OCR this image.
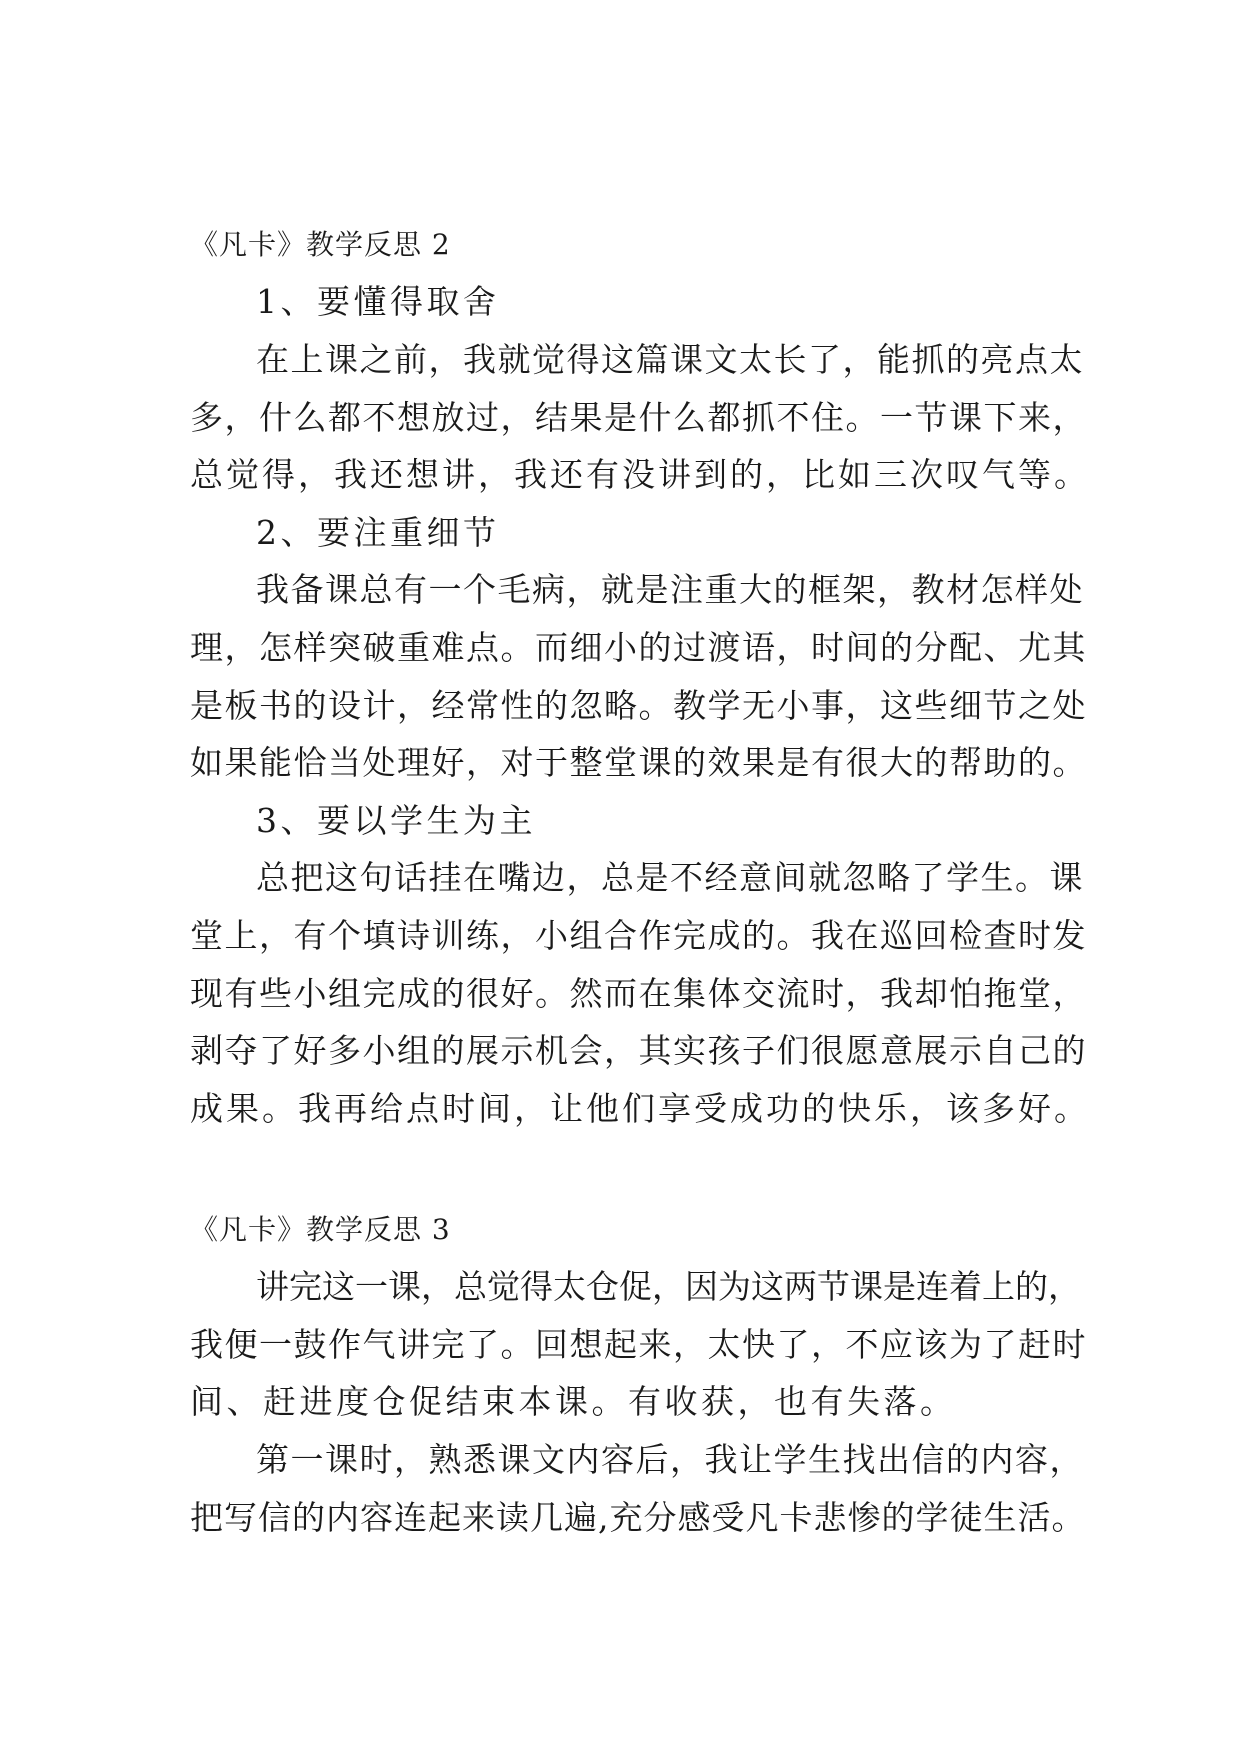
《凡卡》教学反思 2
1、要懂得取舍
在上课之前，我就觉得这篇课文太长了，能抓的亮点太
多，什么都不想放过，结果是什么都抓不住。一节课下来，
总觉得，我还想讲，我还有没讲到的，比如三次叹气等。
2、要注重细节
我备课总有一个毛病，就是注重大的框架，教材怎样处
理，怎样突破重难点。而细小的过渡语，时间的分配、尤其
是板书的设计，经常性的忽略。教学无小事，这些细节之处
如果能恰当处理好，对于整堂课的效果是有很大的帮助的。
3、要以学生为主
总把这句话挂在嘴边，总是不经意间就忽略了学生。课
堂上，有个填诗训练，小组合作完成的。我在巡回检查时发
现有些小组完成的很好。然而在集体交流时，我却怕拖堂，
剥夺了好多小组的展示机会，其实孩子们很愿意展示自己的
成果。我再给点时间，让他们享受成功的快乐，该多好。
《凡卡》教学反思 3
讲完这一课，总觉得太仓促，因为这两节课是连着上的，
我便一鼓作气讲完了。回想起来，太快了，不应该为了赶时
间、赶进度仓促结束本课。有收获，也有失落。
第一课时，熟悉课文内容后，我让学生找出信的内容，
把写信的内容连起来读几遍,充分感受凡卡悲惨的学徒生活。
